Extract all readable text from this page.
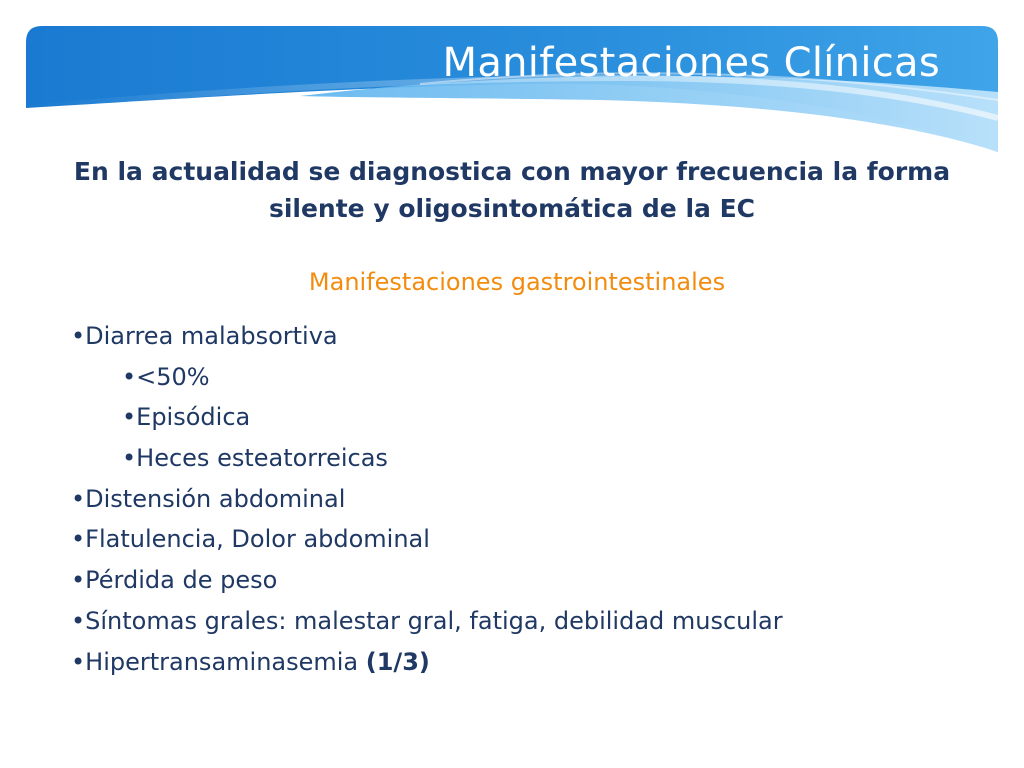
Manifestaciones Clínicas

En la actualidad se diagnostica con mayor frecuencia la forma
silente y oligosintomática de la EC

Manifestaciones gastrointestinales

•Diarrea malabsortiva
•<50%
•Episódica
•Heces esteatorreicas
•Distensión abdominal
•Flatulencia, Dolor abdominal
•Pérdida de peso
•Síntomas grales: malestar gral, fatiga, debilidad muscular
•Hipertransaminasemia (1/3)
